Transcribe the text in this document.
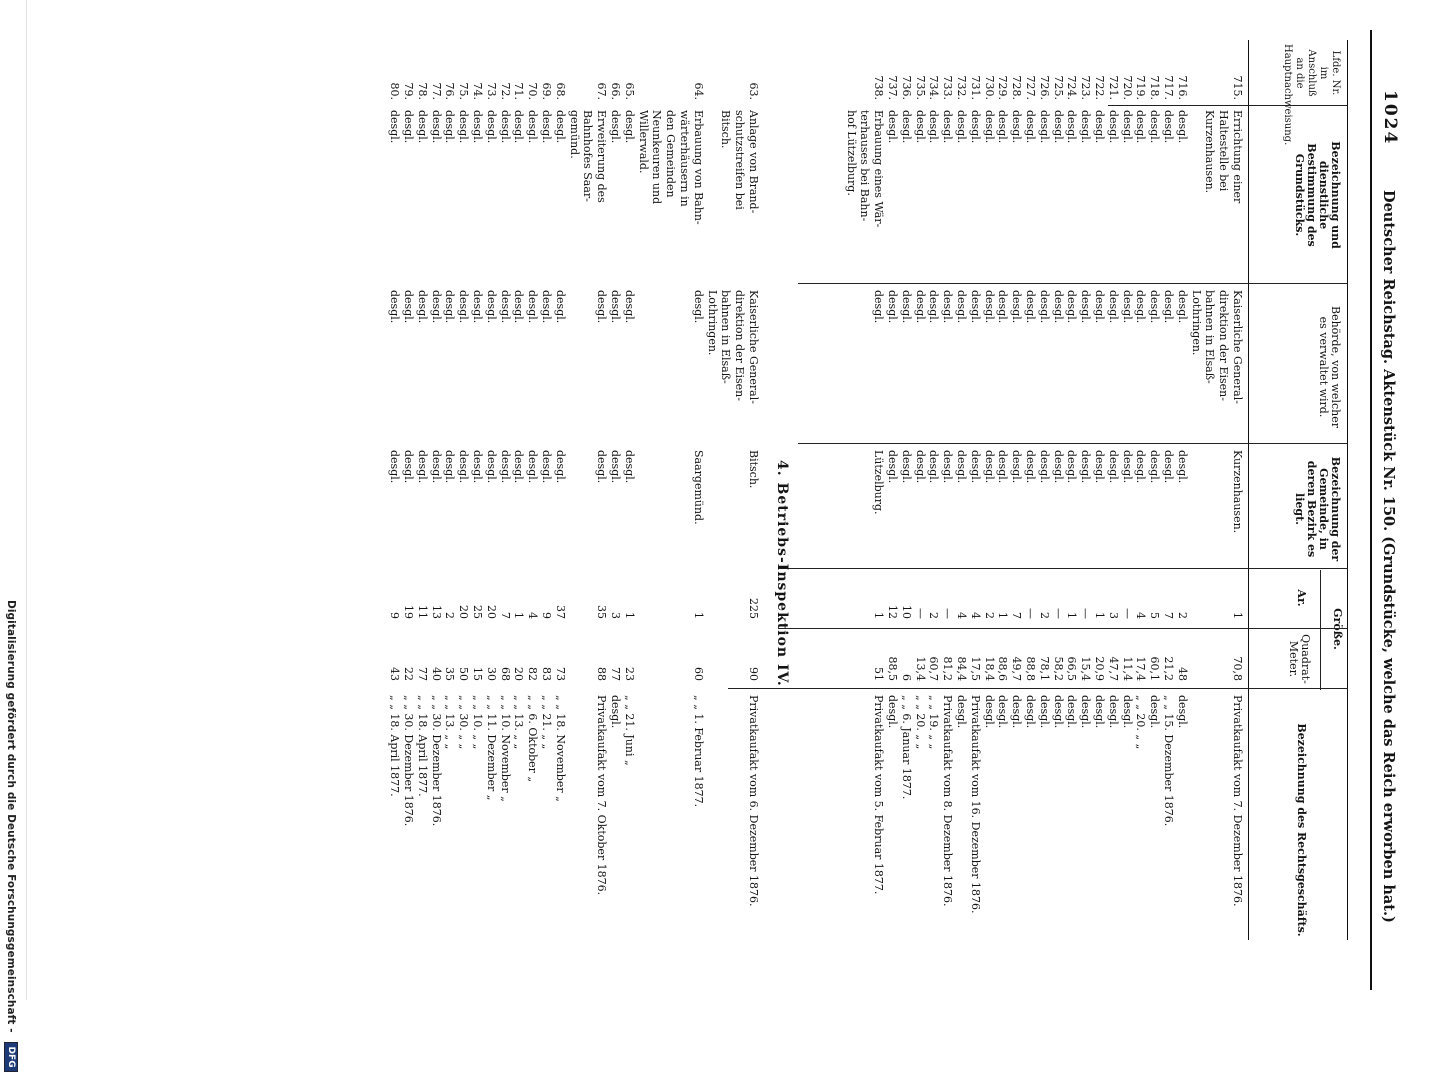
Digitalisierung gefördert durch die Deutsche Forschungsgemeinschaft - DFG
1024
Deutscher Reichstag. Aktenstück Nr. 150. (Grundstücke, welche das Reich erworben hat.)
Lfde. Nr. im Anschluß an die Hauptnachweisung.
Bezeichnung und dienstliche Bestimmung des Grundstücks.
Behörde, von welcher es verwaltet wird.
Bezeichnung der Gemeinde, in deren Bezirk es liegt.
Größe.
Ar.
Quadrat-Meter.
Bezeichnung des Rechtsgeschäfts.
715.
Errichtung einer
Kaiserliche General-
Kurzenhausen.
1
70,8
Privatkaufakt vom 7. Dezember 1876.
Haltestelle bei
direktion der Eisen-
Kurzenhausen.
bahnen in Elsaß-
Lothringen.
716.
desgl.
desgl.
desgl.
2
48
desgl.
717.
desgl.
desgl.
desgl.
7
21,2
„ „ 15. Dezember 1876.
718.
desgl.
desgl.
desgl.
5
60,1
desgl.
719.
desgl.
desgl.
desgl.
4
17,4
„ „ 20. „ „
720.
desgl.
desgl.
desgl.
—
11,4
desgl.
721.
desgl.
desgl.
desgl.
3
47,7
desgl.
722.
desgl.
desgl.
desgl.
1
20,9
desgl.
723.
desgl.
desgl.
desgl.
—
15,4
desgl.
724.
desgl.
desgl.
desgl.
1
66,5
desgl.
725.
desgl.
desgl.
desgl.
—
58,2
desgl.
726.
desgl.
desgl.
desgl.
2
78,1
desgl.
727.
desgl.
desgl.
desgl.
—
88,8
desgl.
728.
desgl.
desgl.
desgl.
7
49,7
desgl.
729.
desgl.
desgl.
desgl.
1
88,6
desgl.
730.
desgl.
desgl.
desgl.
2
18,4
desgl.
731.
desgl.
desgl.
desgl.
4
17,5
Privatkaufakt vom 16. Dezember 1876.
732.
desgl.
desgl.
desgl.
4
84,4
desgl.
733.
desgl.
desgl.
desgl.
—
81,2
Privatkaufakt vom 8. Dezember 1876.
734.
desgl.
desgl.
desgl.
2
60,7
„ „ 19. „ „
735.
desgl.
desgl.
desgl.
—
13,4
„ „ 20. „ „
736.
desgl.
desgl.
desgl.
10
6
„ „ 6. Januar 1877.
737.
desgl.
desgl.
desgl.
12
88,5
desgl.
738.
Erbauung eines Wär-
desgl.
Lützelburg.
1
51
Privatkaufakt vom 5. Februar 1877.
terhauses bei Bahn-
hof Lützelburg.
4. Betriebs-Inspektion IV.
63.
Anlage von Brand-
Kaiserliche General-
Bitsch.
225
90
Privatkaufakt vom 6. Dezember 1876.
schutzstreifen bei
direktion der Eisen-
Bitsch.
bahnen in Elsaß-
Lothringen.
64.
Erbauung von Bahn-
desgl.
Saargemünd.
1
60
„ „ 1. Februar 1877.
wärterhäusern in
den Gemeinden
Neunkeuren und
Willerwald.
65.
desgl.
desgl.
desgl.
1
23
„ „ 21. Juni „
66.
desgl.
desgl.
desgl.
3
77
desgl.
67.
Erweiterung des
desgl.
desgl.
35
88
Privatkaufakt vom 7. Oktober 1876.
Bahnhofes Saar-
gemünd.
68.
desgl.
desgl.
desgl.
37
73
„ „ 18. November „
69.
desgl.
desgl.
desgl.
9
83
„ „ 21. „ „
70.
desgl.
desgl.
desgl.
4
82
„ „ 6. Oktober „
71.
desgl.
desgl.
desgl.
1
20
„ „ 13. „ „
72.
desgl.
desgl.
desgl.
7
68
„ „ 10. November „
73.
desgl.
desgl.
desgl.
20
30
„ „ 11. Dezember „
74.
desgl.
desgl.
desgl.
25
15
„ „ 10. „ „
75.
desgl.
desgl.
desgl.
20
50
„ „ 30. „ „
76.
desgl.
desgl.
desgl.
2
35
„ „ 13. „ „
77.
desgl.
desgl.
desgl.
13
40
„ „ 30. Dezember 1876.
78.
desgl.
desgl.
desgl.
11
77
„ „ 18. April 1877.
79.
desgl.
desgl.
desgl.
19
22
„ „ 30. Dezember 1876.
80.
desgl.
desgl.
desgl.
9
43
„ „ 18. April 1877.
